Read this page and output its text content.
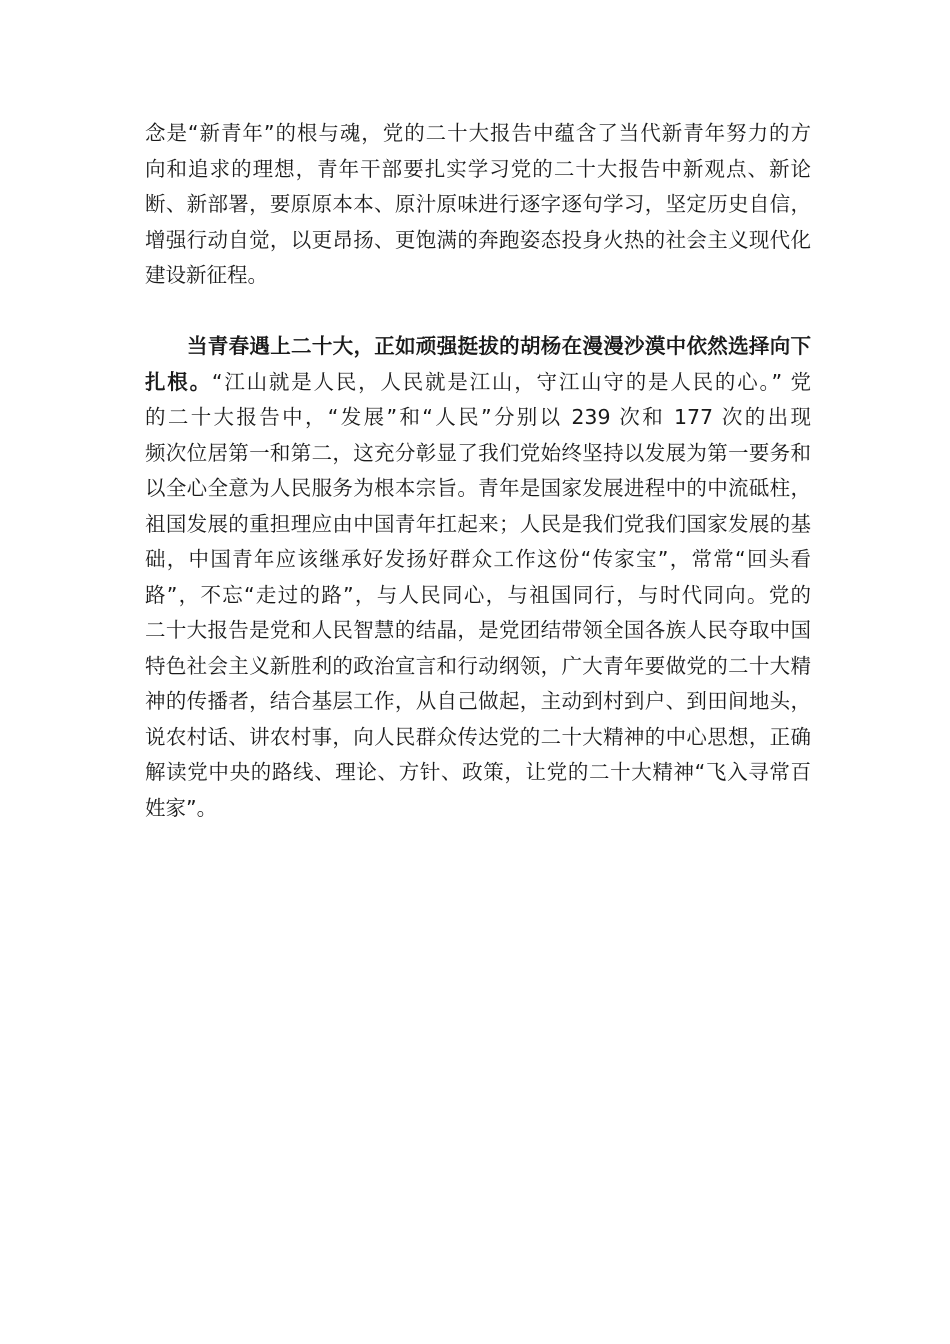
念是“新青年”的根与魂，党的二十大报告中蕴含了当代新青年努力的方
向和追求的理想，青年干部要扎实学习党的二十大报告中新观点、新论
断、新部署，要原原本本、原汁原味进行逐字逐句学习，坚定历史自信，
增强行动自觉，以更昂扬、更饱满的奔跑姿态投身火热的社会主义现代化
建设新征程。
当青春遇上二十大，正如顽强挺拔的胡杨在漫漫沙漠中依然选择向下
扎根。“江山就是人民，人民就是江山，守江山守的是人民的心。” 党
的二十大报告中，“发展”和“人民”分别以 239 次和 177 次的出现
频次位居第一和第二，这充分彰显了我们党始终坚持以发展为第一要务和
以全心全意为人民服务为根本宗旨。青年是国家发展进程中的中流砥柱，
祖国发展的重担理应由中国青年扛起来；人民是我们党我们国家发展的基
础，中国青年应该继承好发扬好群众工作这份“传家宝”，常常“回头看
路”，不忘“走过的路”，与人民同心，与祖国同行，与时代同向。党的
二十大报告是党和人民智慧的结晶，是党团结带领全国各族人民夺取中国
特色社会主义新胜利的政治宣言和行动纲领，广大青年要做党的二十大精
神的传播者，结合基层工作，从自己做起，主动到村到户、到田间地头，
说农村话、讲农村事，向人民群众传达党的二十大精神的中心思想，正确
解读党中央的路线、理论、方针、政策，让党的二十大精神“飞入寻常百
姓家”。
